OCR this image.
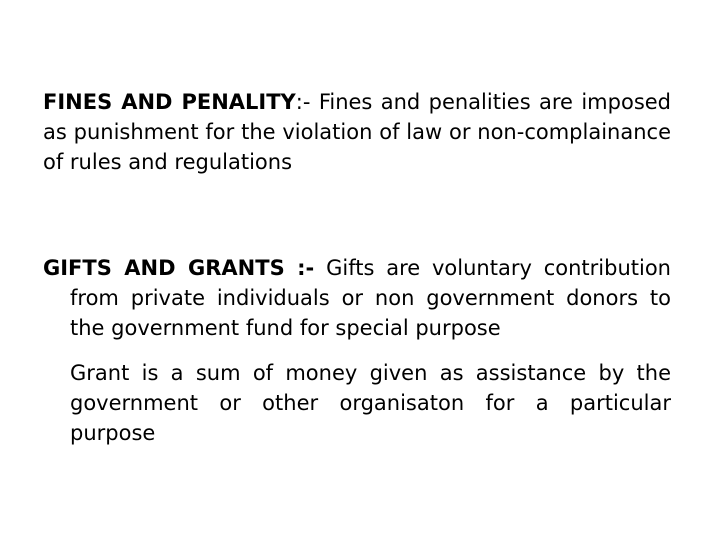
FINES AND PENALITY:- Fines and penalities are imposed as punishment for the violation of law or non-complainance of rules and regulations

GIFTS AND GRANTS :- Gifts are voluntary contribution from private individuals or non government donors to the government fund for special purpose

Grant is a sum of money given as assistance by the government or other organisaton for a particular purpose
